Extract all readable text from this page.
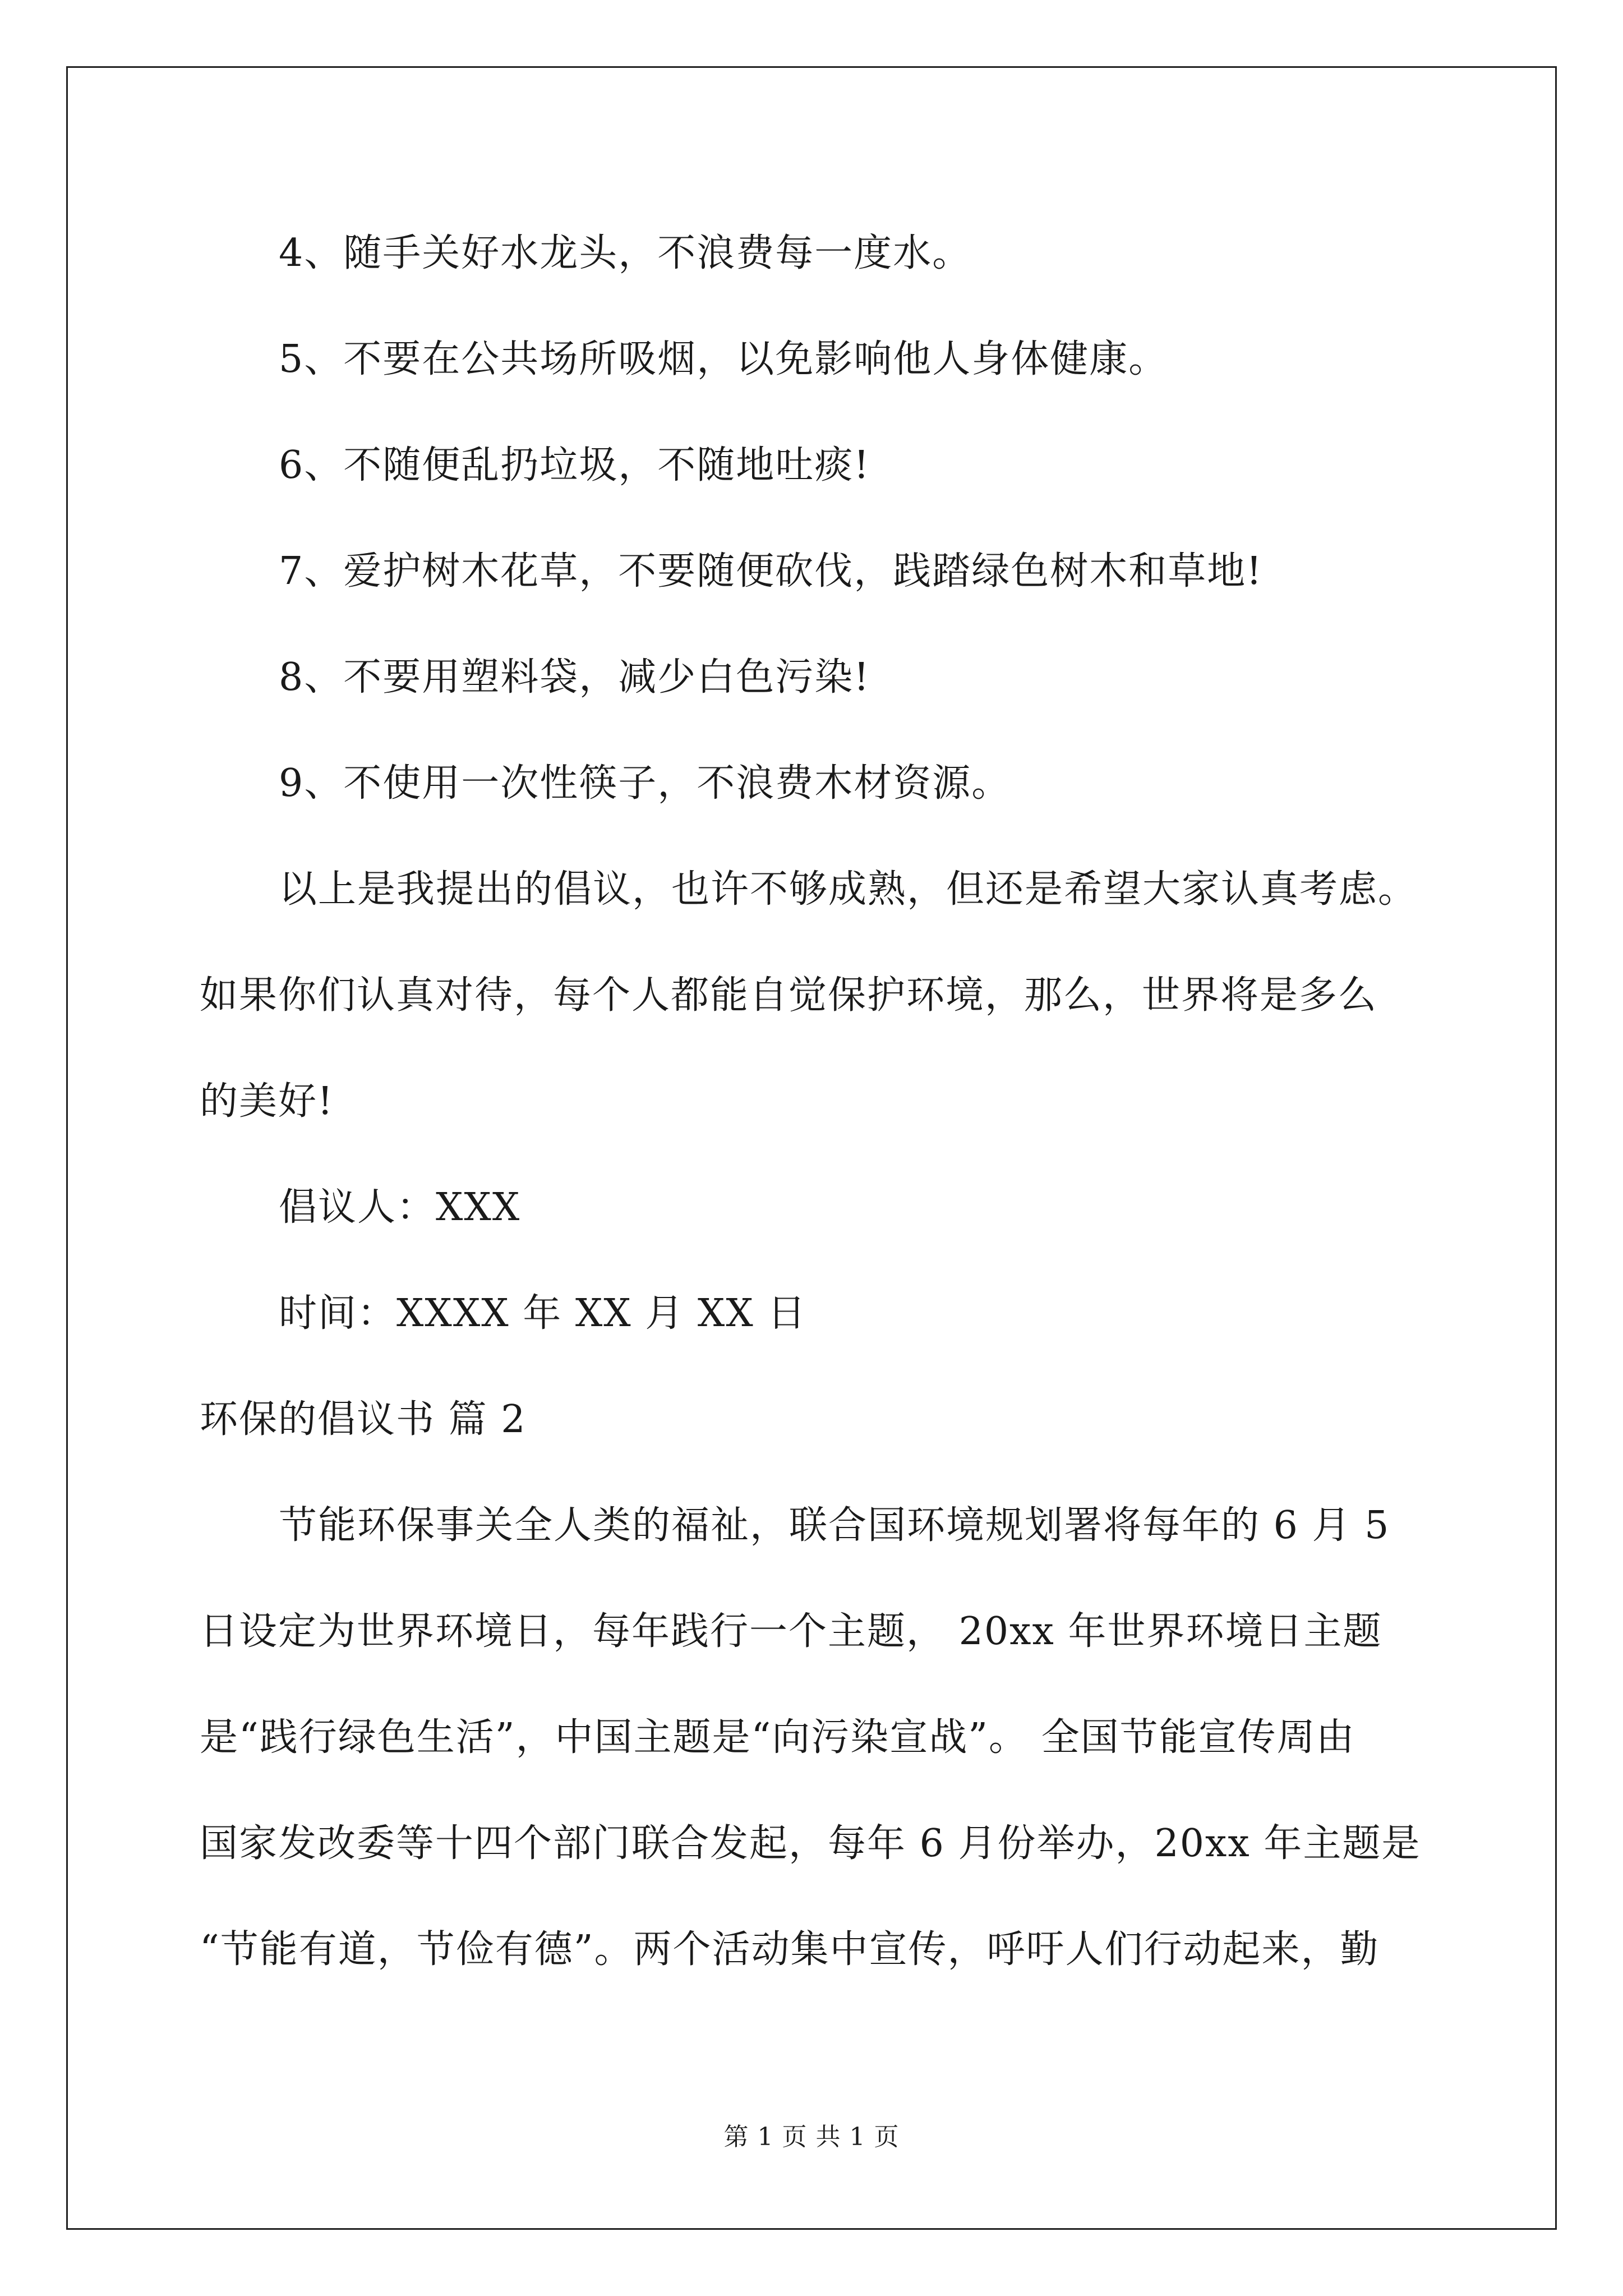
4、随手关好水龙头，不浪费每一度水。

5、不要在公共场所吸烟，以免影响他人身体健康。

6、不随便乱扔垃圾，不随地吐痰!

7、爱护树木花草，不要随便砍伐，践踏绿色树木和草地!

8、不要用塑料袋，减少白色污染!

9、不使用一次性筷子，不浪费木材资源。

以上是我提出的倡议，也许不够成熟，但还是希望大家认真考虑。

如果你们认真对待，每个人都能自觉保护环境，那么，世界将是多么

的美好!

倡议人：XXX

时间：XXXX 年 XX 月 XX 日

环保的倡议书 篇 2

节能环保事关全人类的福祉，联合国环境规划署将每年的 6 月 5

日设定为世界环境日，每年践行一个主题， 20xx 年世界环境日主题

是“践行绿色生活”，中国主题是“向污染宣战”。 全国节能宣传周由

国家发改委等十四个部门联合发起，每年 6 月份举办，20xx 年主题是

“节能有道，节俭有德”。两个活动集中宣传，呼吁人们行动起来，勤

第 1 页 共 1 页
